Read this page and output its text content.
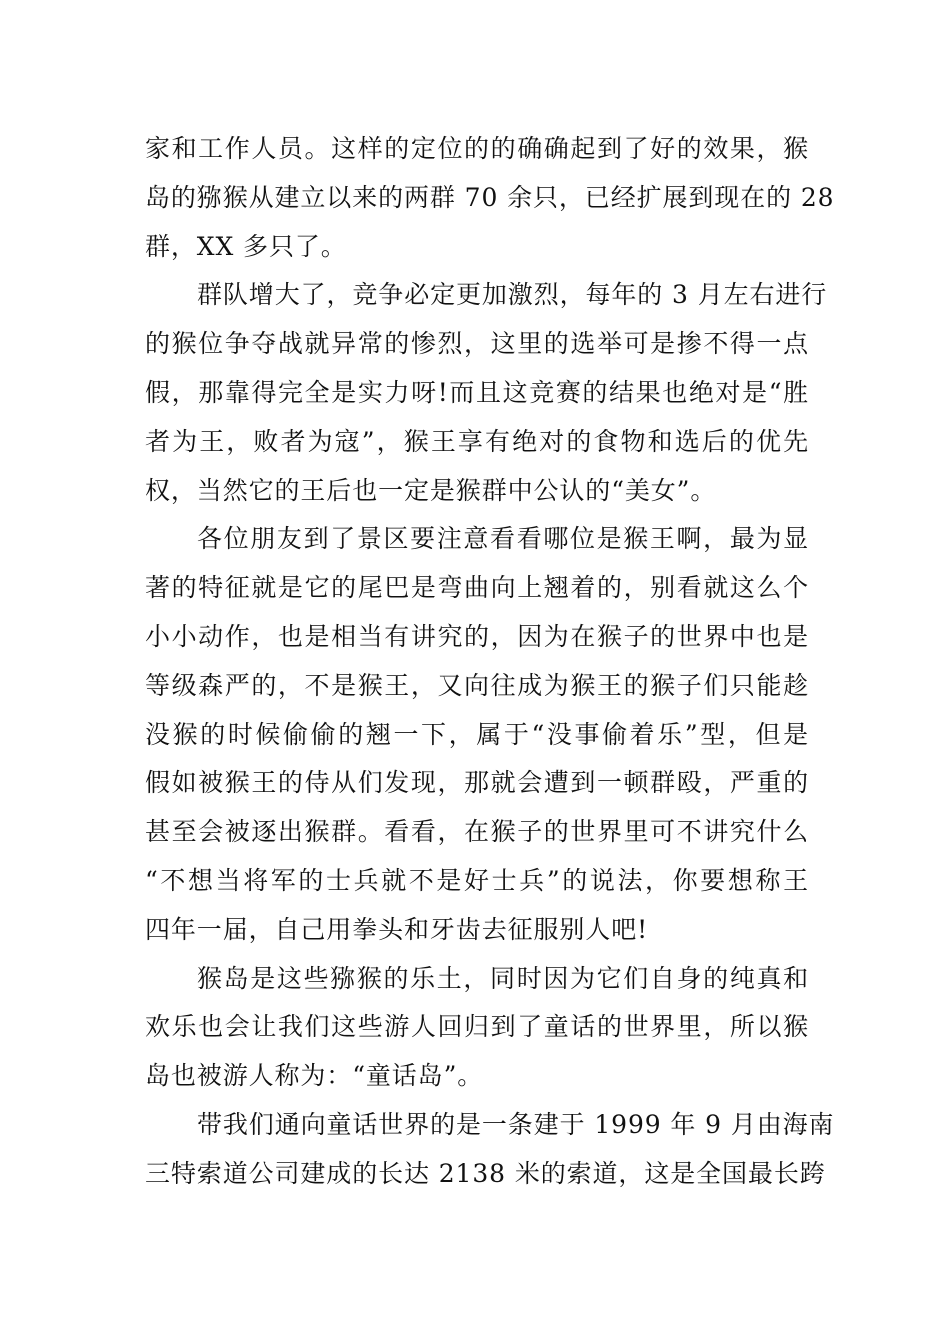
家和工作人员。这样的定位的的确确起到了好的效果，猴
岛的猕猴从建立以来的两群 70 余只，已经扩展到现在的 28
群，XX 多只了。
群队增大了，竞争必定更加激烈，每年的 3 月左右进行
的猴位争夺战就异常的惨烈，这里的选举可是掺不得一点
假，那靠得完全是实力呀!而且这竞赛的结果也绝对是“胜
者为王，败者为寇”，猴王享有绝对的食物和选后的优先
权，当然它的王后也一定是猴群中公认的“美女”。
各位朋友到了景区要注意看看哪位是猴王啊，最为显
著的特征就是它的尾巴是弯曲向上翘着的，别看就这么个
小小动作，也是相当有讲究的，因为在猴子的世界中也是
等级森严的，不是猴王，又向往成为猴王的猴子们只能趁
没猴的时候偷偷的翘一下，属于“没事偷着乐”型，但是
假如被猴王的侍从们发现，那就会遭到一顿群殴，严重的
甚至会被逐出猴群。看看，在猴子的世界里可不讲究什么
“不想当将军的士兵就不是好士兵”的说法，你要想称王
四年一届，自己用拳头和牙齿去征服别人吧!
猴岛是这些猕猴的乐土，同时因为它们自身的纯真和
欢乐也会让我们这些游人回归到了童话的世界里，所以猴
岛也被游人称为：“童话岛”。
带我们通向童话世界的是一条建于 1999 年 9 月由海南
三特索道公司建成的长达 2138 米的索道，这是全国最长跨
